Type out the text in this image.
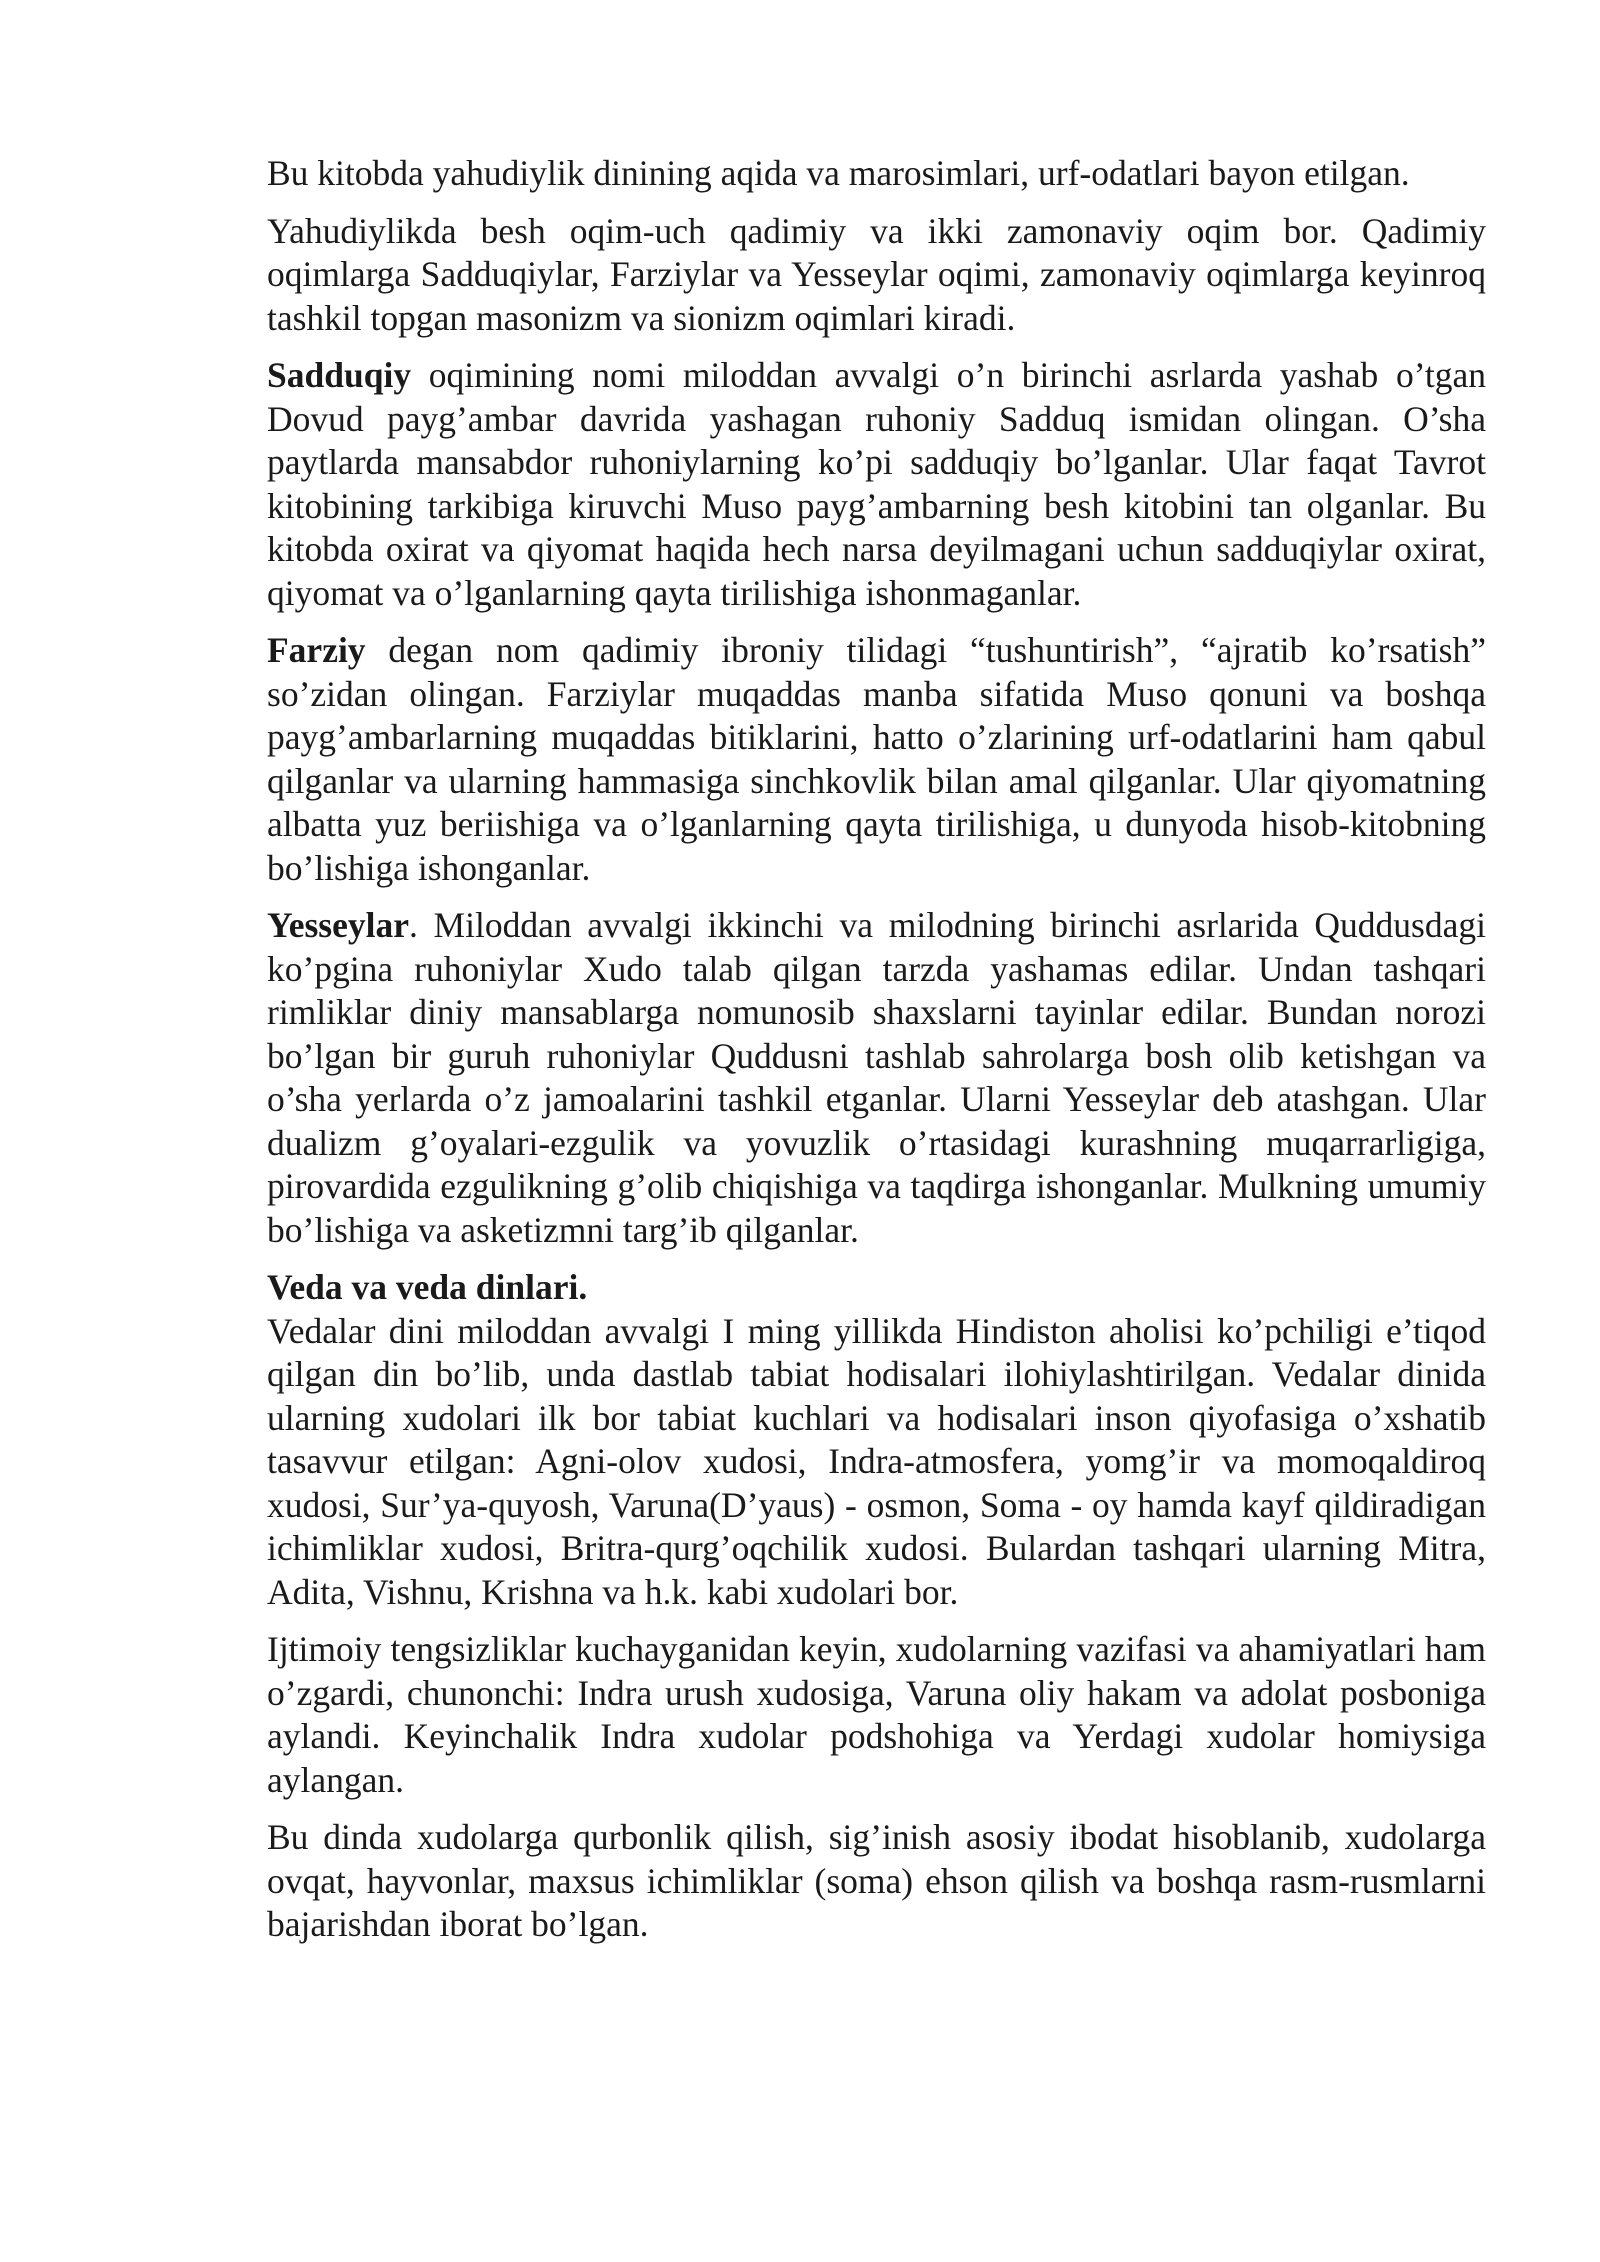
Bu kitobda yahudiylik dinining aqida va marosimlari, urf-odatlari bayon etilgan.

Yahudiylikda besh oqim-uch qadimiy va ikki zamonaviy oqim bor. Qadimiy oqimlarga Sadduqiylar, Farziylar va Yesseylar oqimi, zamonaviy oqimlarga keyinroq tashkil topgan masonizm va sionizm oqimlari kiradi.

Sadduqiy oqimining nomi miloddan avvalgi o’n birinchi asrlarda yashab o’tgan Dovud payg’ambar davrida yashagan ruhoniy Sadduq ismidan olingan. O’sha paytlarda mansabdor ruhoniylarning ko’pi sadduqiy bo’lganlar. Ular faqat Tavrot kitobining tarkibiga kiruvchi Muso payg’ambarning besh kitobini tan olganlar. Bu kitobda oxirat va qiyomat haqida hech narsa deyilmagani uchun sadduqiylar oxirat, qiyomat va o’lganlarning qayta tirilishiga ishonmaganlar.

Farziy degan nom qadimiy ibroniy tilidagi “tushuntirish”, “ajratib ko’rsatish” so’zidan olingan. Farziylar muqaddas manba sifatida Muso qonuni va boshqa payg’ambarlarning muqaddas bitiklarini, hatto o’zlarining urf-odatlarini ham qabul qilganlar va ularning hammasiga sinchkovlik bilan amal qilganlar. Ular qiyomatning albatta yuz beriishiga va o’lganlarning qayta tirilishiga, u dunyoda hisob-kitobning bo’lishiga ishonganlar.

Yesseylar. Miloddan avvalgi ikkinchi va milodning birinchi asrlarida Quddusdagi ko’pgina ruhoniylar Xudo talab qilgan tarzda yashamas edilar. Undan tashqari rimliklar diniy mansablarga nomunosib shaxslarni tayinlar edilar. Bundan norozi bo’lgan bir guruh ruhoniylar Quddusni tashlab sahrolarga bosh olib ketishgan va o’sha yerlarda o’z jamoalarini tashkil etganlar. Ularni Yesseylar deb atashgan. Ular dualizm g’oyalari-ezgulik va yovuzlik o’rtasidagi kurashning muqarrarligiga, pirovardida ezgulikning g’olib chiqishiga va taqdirga ishonganlar. Mulkning umumiy bo’lishiga va asketizmni targ’ib qilganlar.

Veda va veda dinlari.

Vedalar dini miloddan avvalgi I ming yillikda Hindiston aholisi ko’pchiligi e’tiqod qilgan din bo’lib, unda dastlab tabiat hodisalari ilohiylashtirilgan. Vedalar dinida ularning xudolari ilk bor tabiat kuchlari va hodisalari inson qiyofasiga o’xshatib tasavvur etilgan: Agni-olov xudosi, Indra-atmosfera, yomg’ir va momoqaldiroq xudosi, Sur’ya-quyosh, Varuna(D’yaus) - osmon, Soma - oy hamda kayf qildiradigan ichimliklar xudosi, Britra-qurg’oqchilik xudosi. Bulardan tashqari ularning Mitra, Adita, Vishnu, Krishna va h.k. kabi xudolari bor.

Ijtimoiy tengsizliklar kuchayganidan keyin, xudolarning vazifasi va ahamiyatlari ham o’zgardi, chunonchi: Indra urush xudosiga, Varuna oliy hakam va adolat posboniga aylandi. Keyinchalik Indra xudolar podshohiga va Yerdagi xudolar homiysiga aylangan.

Bu dinda xudolarga qurbonlik qilish, sig’inish asosiy ibodat hisoblanib, xudolarga ovqat, hayvonlar, maxsus ichimliklar (soma) ehson qilish va boshqa rasm-rusmlarni bajarishdan iborat bo’lgan.
